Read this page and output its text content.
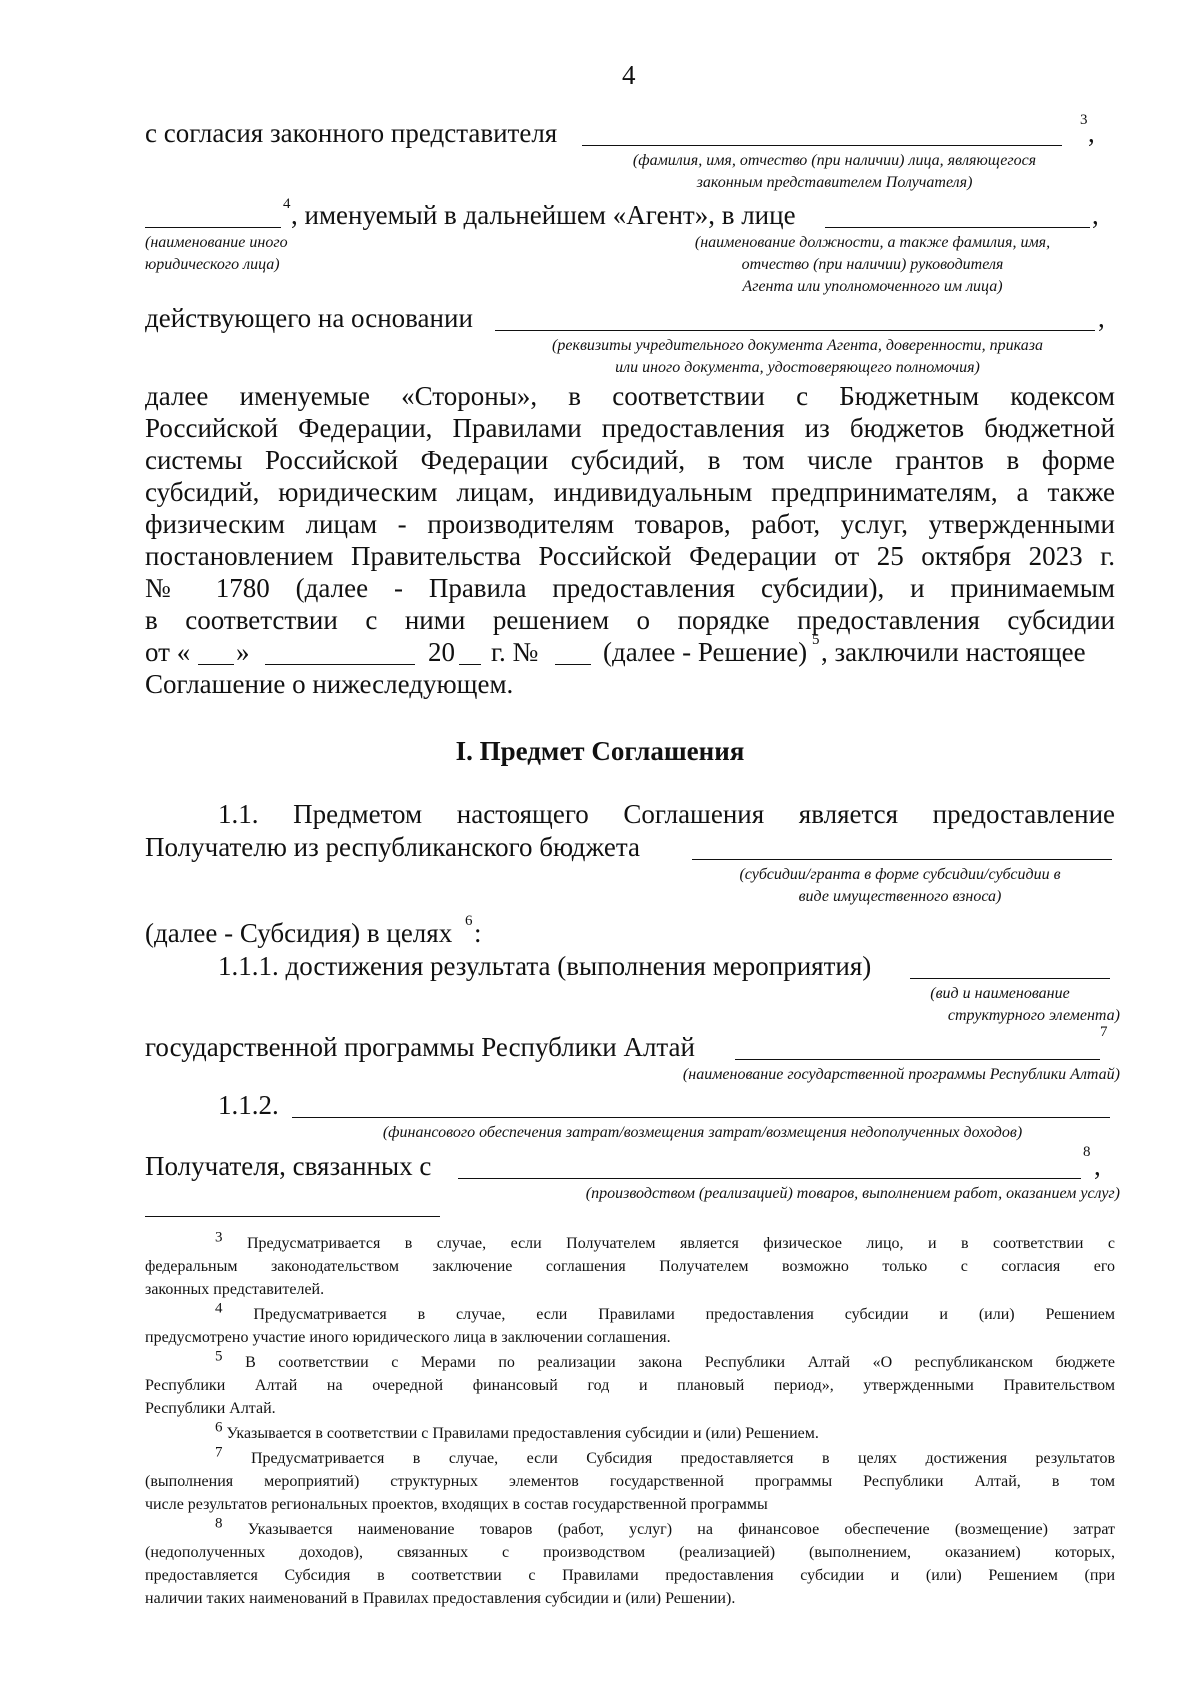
4
с согласия законного представителя	3 ,
(фамилия, имя, отчество (при наличии) лица, являющегося
законным представителем Получателя)
4 , именуемый в дальнейшем «Агент», в лице	,
(наименование иного
юридического лица)
(наименование должности, а также фамилия, имя,
отчество (при наличии) руководителя
Агента или уполномоченного им лица)
действующего на основании	,
(реквизиты учредительного документа Агента, доверенности, приказа
или иного документа, удостоверяющего полномочия)
далее именуемые «Стороны», в соответствии с Бюджетным кодексом
Российской Федерации, Правилами предоставления из бюджетов бюджетной
системы Российской Федерации субсидий, в том числе грантов в форме
субсидий, юридическим лицам, индивидуальным предпринимателям, а также
физическим лицам - производителям товаров, работ, услуг, утвержденными
постановлением Правительства Российской Федерации от 25 октября 2023 г.
№ 1780 (далее - Правила предоставления субсидии), и принимаемым
в соответствии с ними решением о порядке предоставления субсидии
от « »	20 г. № (далее - Решение) 5 , заключили настоящее
Соглашение о нижеследующем.
I. Предмет Соглашения
1.1. Предметом настоящего Соглашения является предоставление
Получателю из республиканского бюджета
(субсидии/гранта в форме субсидии/субсидии в
виде имущественного взноса)
(далее - Субсидия) в целях 6 :
1.1.1. достижения результата (выполнения мероприятия)
(вид и наименование
структурного элемента)
государственной программы Республики Алтай	7
(наименование государственной программы Республики Алтай)
1.1.2.
(финансового обеспечения затрат/возмещения затрат/возмещения недополученных доходов)
Получателя, связанных с	8 ,
(производством (реализацией) товаров, выполнением работ, оказанием услуг)
$^3$ Предусматривается в случае, если Получателем является физическое лицо, и в соответствии с
федеральным законодательством заключение соглашения Получателем возможно только с согласия его
законных представителей.
$^4$ Предусматривается в случае, если Правилами предоставления субсидии и (или) Решением
предусмотрено участие иного юридического лица в заключении соглашения.
$^5$ В соответствии с Мерами по реализации закона Республики Алтай «О республиканском бюджете
Республики Алтай на очередной финансовый год и плановый период», утвержденными Правительством
Республики Алтай.
$^6$ Указывается в соответствии с Правилами предоставления субсидии и (или) Решением.
$^7$ Предусматривается в случае, если Субсидия предоставляется в целях достижения результатов
(выполнения мероприятий) структурных элементов государственной программы Республики Алтай, в том
числе результатов региональных проектов, входящих в состав государственной программы
$^8$ Указывается наименование товаров (работ, услуг) на финансовое обеспечение (возмещение) затрат
(недополученных доходов), связанных с производством (реализацией) (выполнением, оказанием) которых,
предоставляется Субсидия в соответствии с Правилами предоставления субсидии и (или) Решением (при
наличии таких наименований в Правилах предоставления субсидии и (или) Решении).
